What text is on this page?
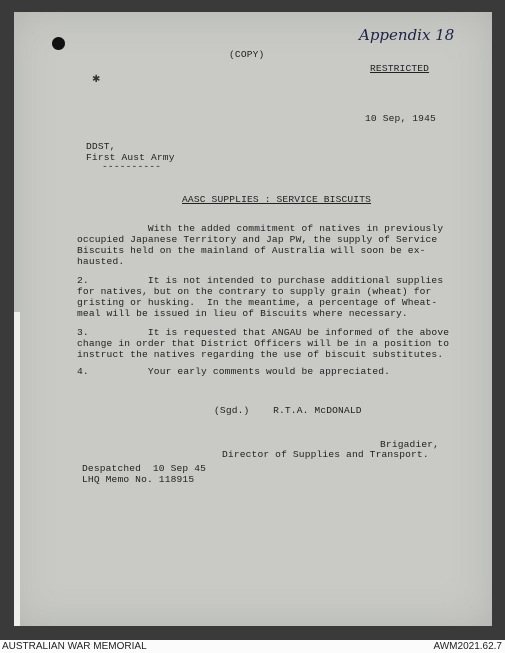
Appendix 18
✱
(COPY)
RESTRICTED
10 Sep, 1945
DDST,
First Aust Army
----------
AASC SUPPLIES : SERVICE BISCUITS
With the added commitment of natives in previously
occupied Japanese Territory and Jap PW, the supply of Service
Biscuits held on the mainland of Australia will soon be ex-
hausted.
2.          It is not intended to purchase additional supplies
for natives, but on the contrary to supply grain (wheat) for
gristing or husking.  In the meantime, a percentage of Wheat-
meal will be issued in lieu of Biscuits where necessary.
3.          It is requested that ANGAU be informed of the above
change in order that District Officers will be in a position to
instruct the natives regarding the use of biscuit substitutes.
4.          Your early comments would be appreciated.
(Sgd.)    R.T.A. McDONALD
Brigadier,
Director of Supplies and Transport.
Despatched  10 Sep 45
LHQ Memo No. 118915
AUSTRALIAN WAR MEMORIAL	AWM2021.62.7
